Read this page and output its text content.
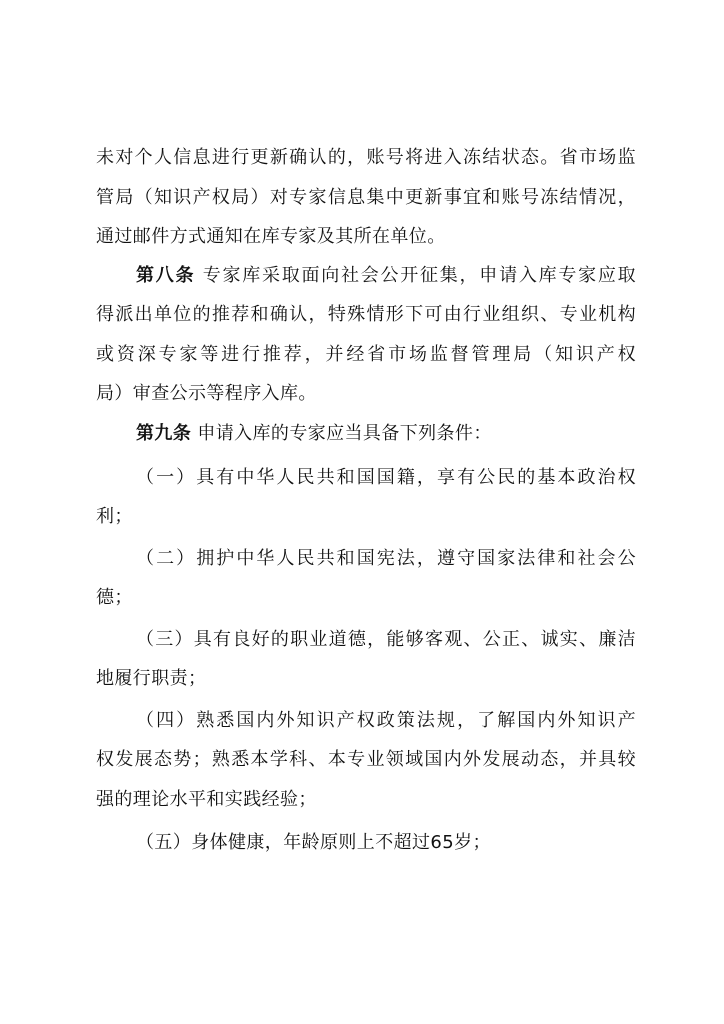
未对个人信息进行更新确认的，账号将进入冻结状态。省市场监
管局（知识产权局）对专家信息集中更新事宜和账号冻结情况，
通过邮件方式通知在库专家及其所在单位。
第八条 专家库采取面向社会公开征集，申请入库专家应取
得派出单位的推荐和确认，特殊情形下可由行业组织、专业机构
或资深专家等进行推荐，并经省市场监督管理局（知识产权
局）审查公示等程序入库。
第九条 申请入库的专家应当具备下列条件：
（一）具有中华人民共和国国籍，享有公民的基本政治权
利；
（二）拥护中华人民共和国宪法，遵守国家法律和社会公
德；
（三）具有良好的职业道德，能够客观、公正、诚实、廉洁
地履行职责；
（四）熟悉国内外知识产权政策法规，了解国内外知识产
权发展态势；熟悉本学科、本专业领域国内外发展动态，并具较
强的理论水平和实践经验；
（五）身体健康，年龄原则上不超过65岁；
